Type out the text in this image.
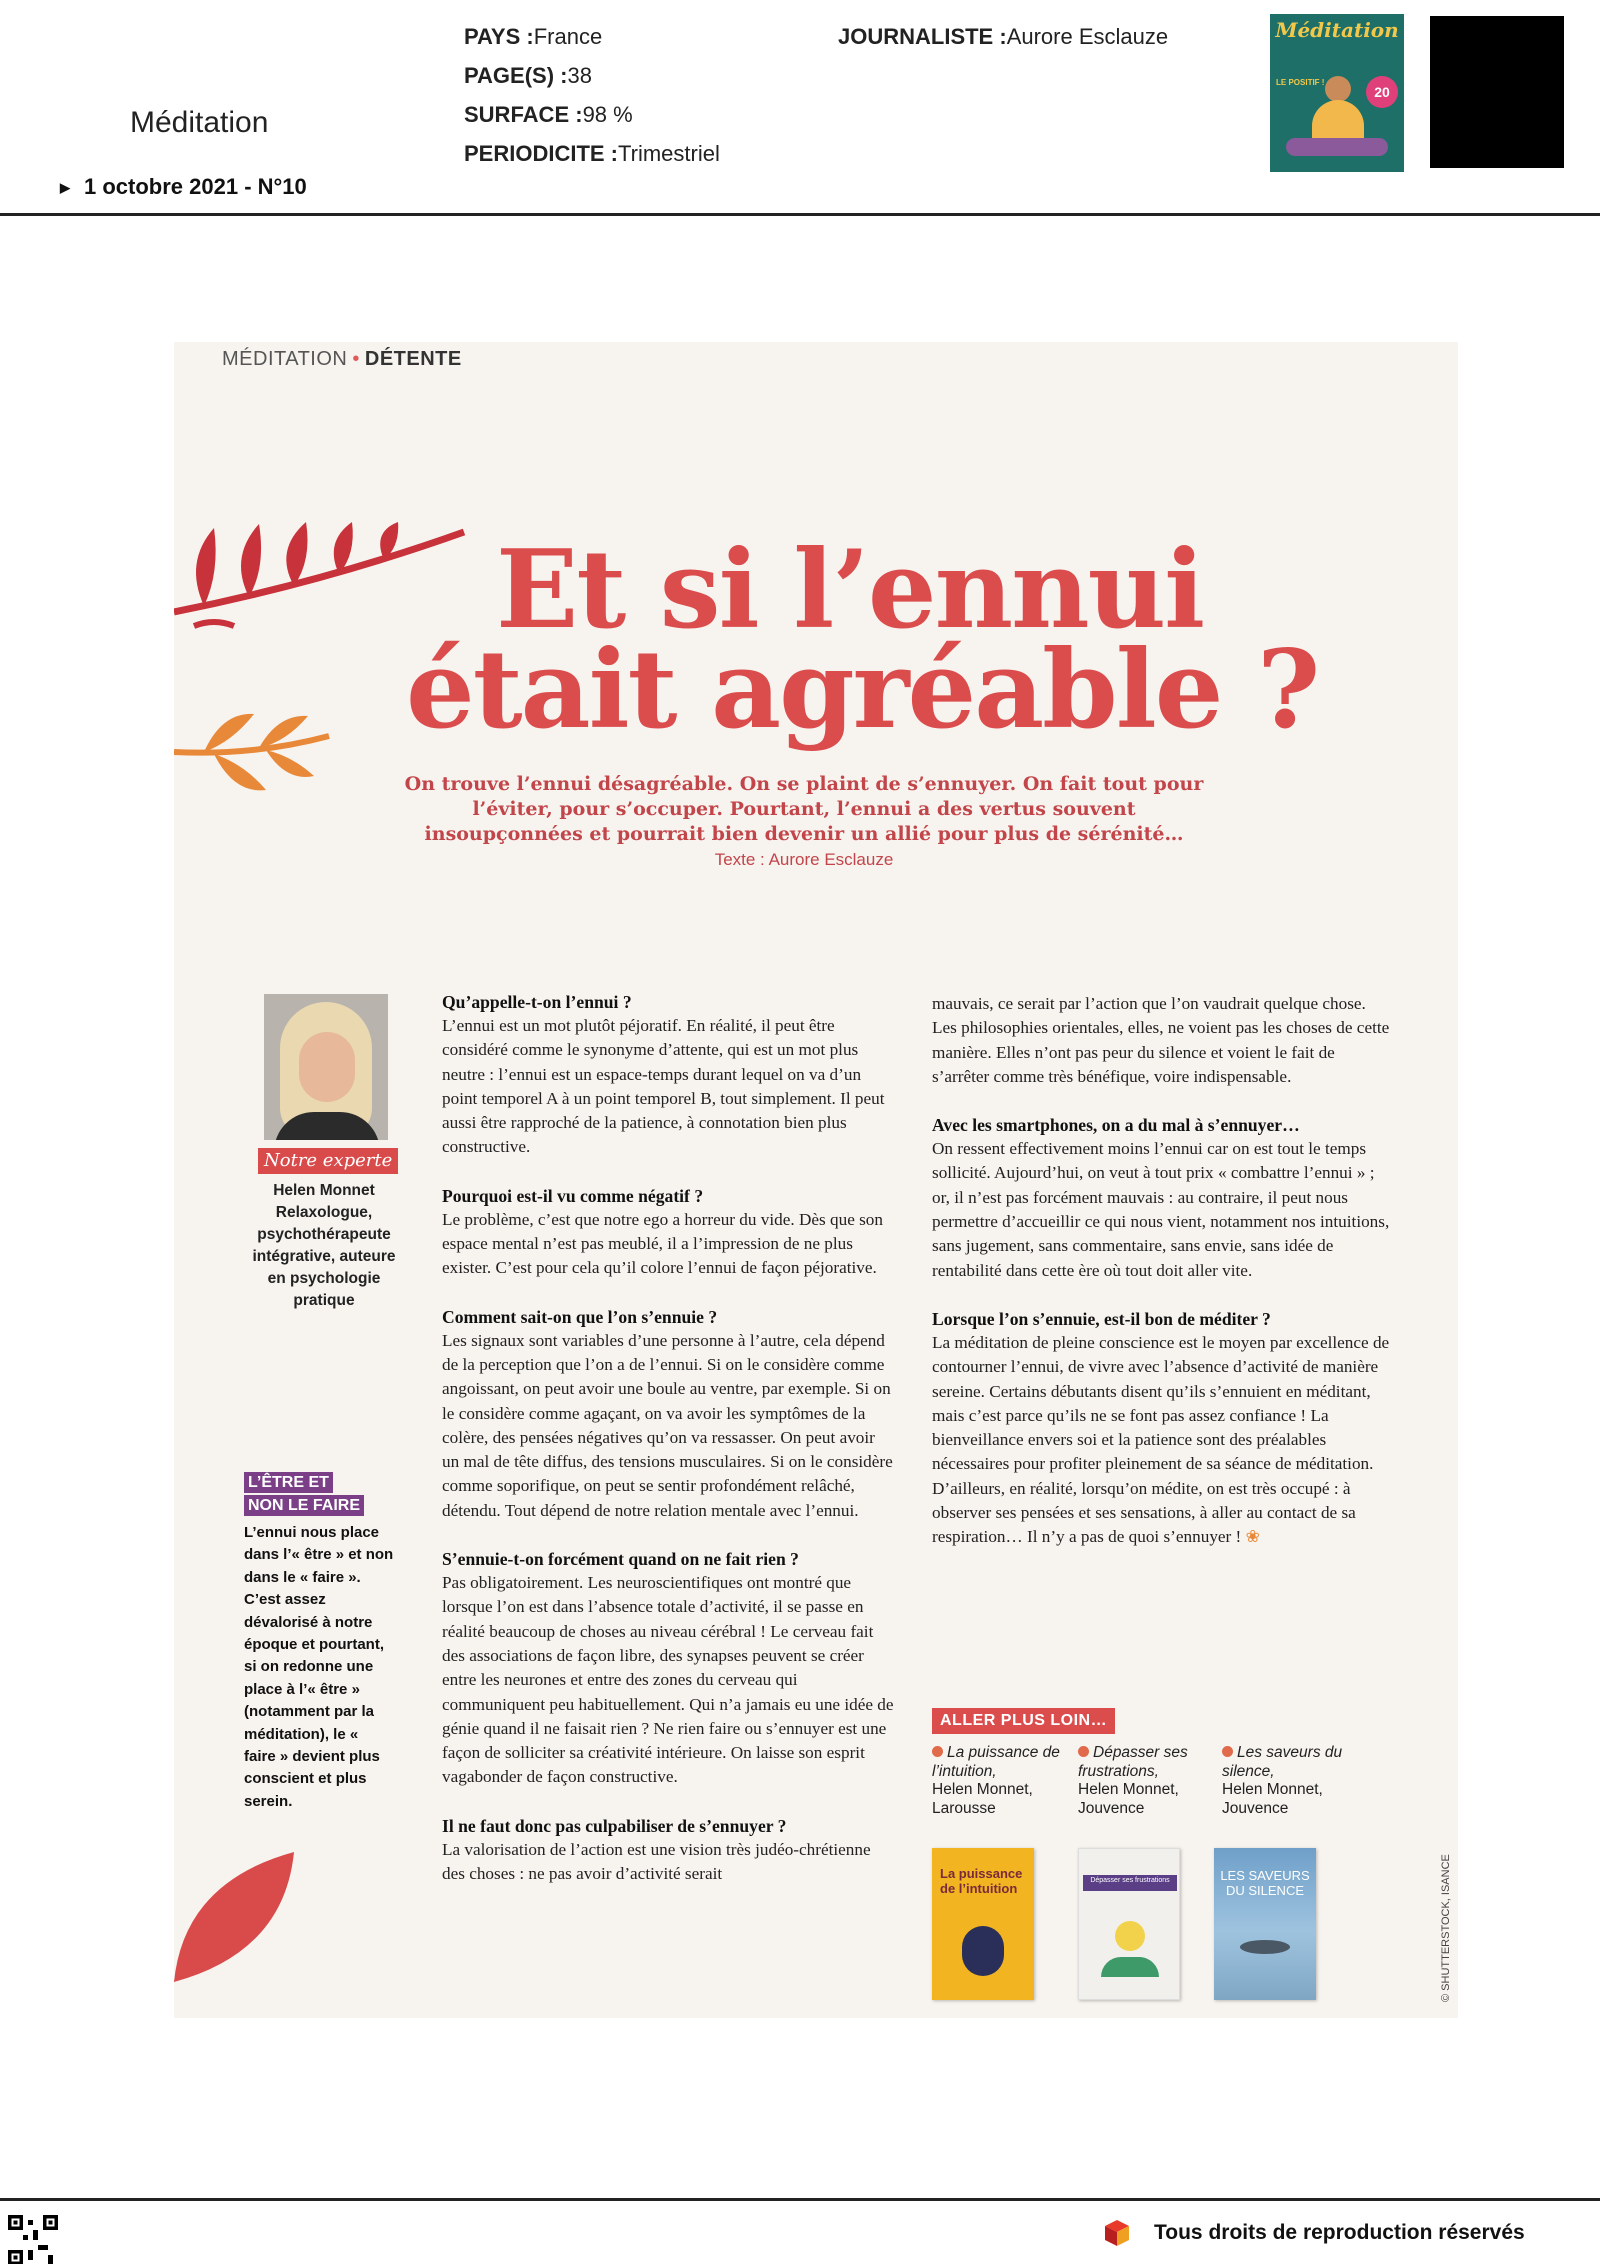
Méditation
▶ 1 octobre 2021 - N°10
PAYS :France
PAGE(S) :38
SURFACE :98 %
PERIODICITE :Trimestriel
JOURNALISTE :Aurore Esclauze	Méditation
LE POSITIF !
20
MÉDITATION • DÉTENTE
Et si l’ennui
était agréable ?
On trouve l’ennui désagréable. On se plaint de s’ennuyer. On fait tout pour l’éviter, pour s’occuper. Pourtant, l’ennui a des vertus souvent insoupçonnées et pourrait bien devenir un allié pour plus de sérénité…
Texte : Aurore Esclauze
Notre experte
Helen Monnet
Relaxologue, psychothérapeute intégrative, auteure en psychologie pratique
L’ÊTRE ET
NON LE FAIRE
L’ennui nous place dans l’« être » et non dans le « faire ». C’est assez dévalorisé à notre époque et pourtant, si on redonne une place à l’« être » (notamment par la méditation), le « faire » devient plus conscient et plus serein.
Qu’appelle-t-on l’ennui ?

L’ennui est un mot plutôt péjoratif. En réalité, il peut être considéré comme le synonyme d’attente, qui est un mot plus neutre : l’ennui est un espace-temps durant lequel on va d’un point temporel A à un point temporel B, tout simplement. Il peut aussi être rapproché de la patience, à connotation bien plus constructive.

Pourquoi est-il vu comme négatif ?

Le problème, c’est que notre ego a horreur du vide. Dès que son espace mental n’est pas meublé, il a l’impression de ne plus exister. C’est pour cela qu’il colore l’ennui de façon péjorative.

Comment sait-on que l’on s’ennuie ?

Les signaux sont variables d’une personne à l’autre, cela dépend de la perception que l’on a de l’ennui. Si on le considère comme angoissant, on peut avoir une boule au ventre, par exemple. Si on le considère comme agaçant, on va avoir les symptômes de la colère, des pensées négatives qu’on va ressasser. On peut avoir un mal de tête diffus, des tensions musculaires. Si on le considère comme soporifique, on peut se sentir profondément relâché, détendu. Tout dépend de notre relation mentale avec l’ennui.

S’ennuie-t-on forcément quand on ne fait rien ?

Pas obligatoirement. Les neuroscientifiques ont montré que lorsque l’on est dans l’absence totale d’activité, il se passe en réalité beaucoup de choses au niveau cérébral ! Le cerveau fait des associations de façon libre, des synapses peuvent se créer entre les neurones et entre des zones du cerveau qui communiquent peu habituellement. Qui n’a jamais eu une idée de génie quand il ne faisait rien ? Ne rien faire ou s’ennuyer est une façon de solliciter sa créativité intérieure. On laisse son esprit vagabonder de façon constructive.

Il ne faut donc pas culpabiliser de s’ennuyer ?

La valorisation de l’action est une vision très judéo-chrétienne des choses : ne pas avoir d’activité serait

mauvais, ce serait par l’action que l’on vaudrait quelque chose. Les philosophies orientales, elles, ne voient pas les choses de cette manière. Elles n’ont pas peur du silence et voient le fait de s’arrêter comme très bénéfique, voire indispensable.

Avec les smartphones, on a du mal à s’ennuyer…

On ressent effectivement moins l’ennui car on est tout le temps sollicité. Aujourd’hui, on veut à tout prix « combattre l’ennui » ; or, il n’est pas forcément mauvais : au contraire, il peut nous permettre d’accueillir ce qui nous vient, notamment nos intuitions, sans jugement, sans commentaire, sans envie, sans idée de rentabilité dans cette ère où tout doit aller vite.

Lorsque l’on s’ennuie, est-il bon de méditer ?

La méditation de pleine conscience est le moyen par excellence de contourner l’ennui, de vivre avec l’absence d’activité de manière sereine. Certains débutants disent qu’ils s’ennuient en méditant, mais c’est parce qu’ils ne se font pas assez confiance ! La bienveillance envers soi et la patience sont des préalables nécessaires pour profiter pleinement de sa séance de méditation. D’ailleurs, en réalité, lorsqu’on médite, on est très occupé : à observer ses pensées et ses sensations, à aller au contact de sa respiration… Il n’y a pas de quoi s’ennuyer ! ❀

ALLER PLUS LOIN…
La puissance de l’intuition,
Helen Monnet,
Larousse
Dépasser ses frustrations,
Helen Monnet,
Jouvence
Les saveurs du silence,
Helen Monnet,
Jouvence
La puissance de l’intuition
Dépasser ses frustrations	LES SAVEURS DU SILENCE	© SHUTTERSTOCK, ISANCE
Tous droits de reproduction réservés
